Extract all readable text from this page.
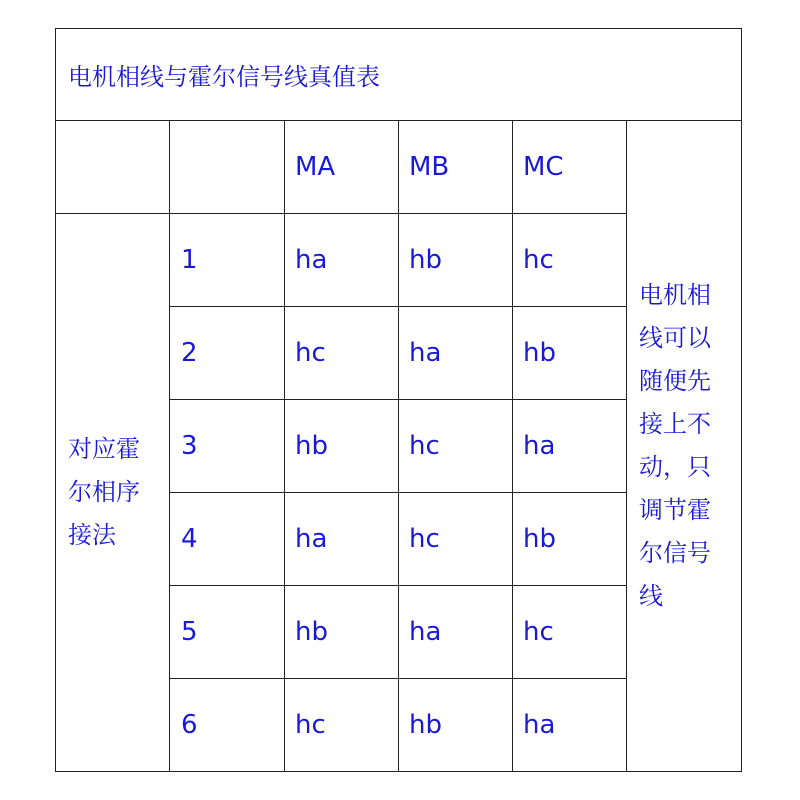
电机相线与霍尔信号线真值表					
		MA	MB	MC	电机相线可以随便先接上不动，只调节霍尔信号线

对应霍尔相序接法	1	ha	hb	hc	
	2	hc	ha	hb	
	3	hb	hc	ha	
	4	ha	hc	hb	
	5	hb	ha	hc	
	6	hc	hb	ha	
